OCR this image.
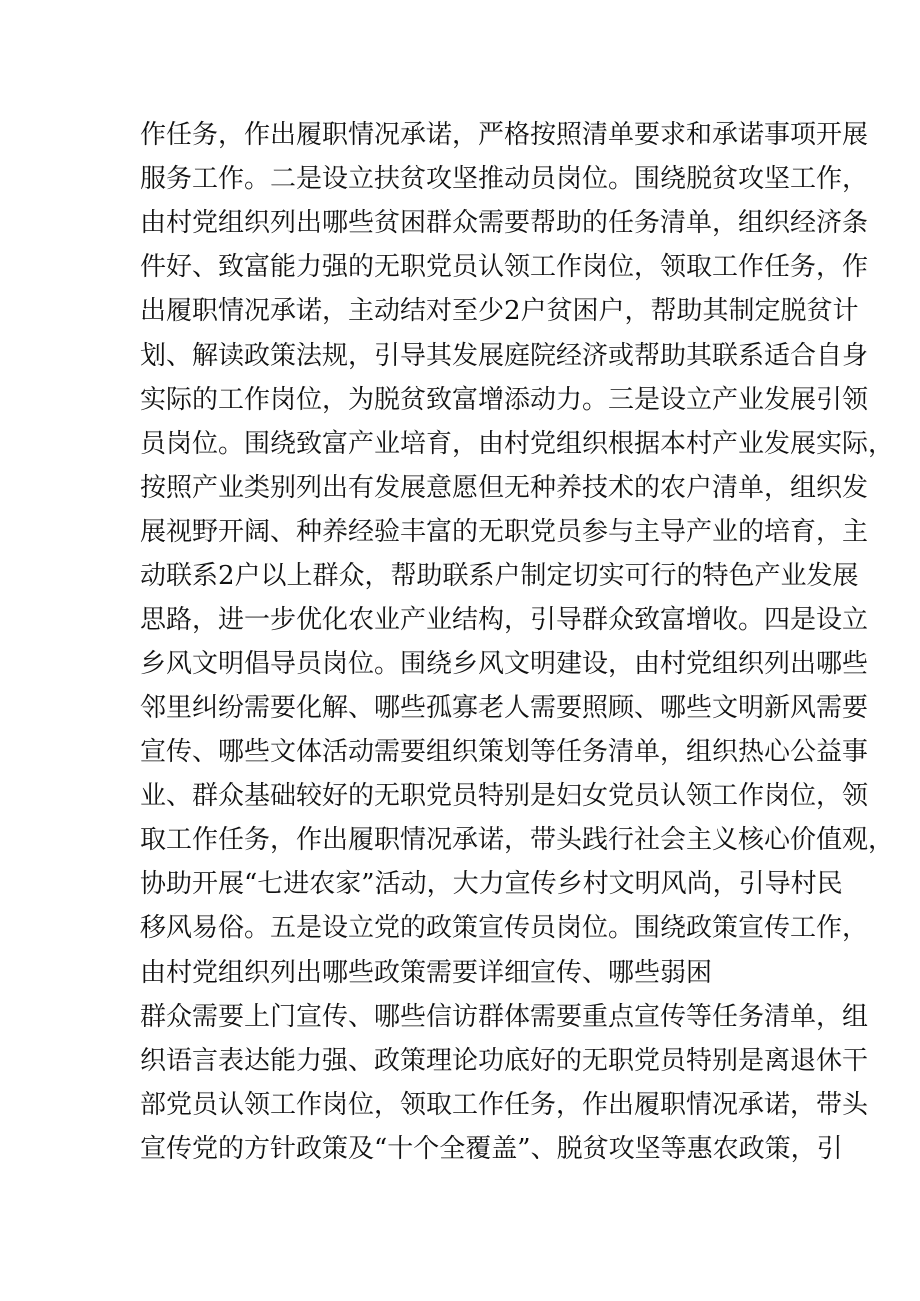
作任务，作出履职情况承诺，严格按照清单要求和承诺事项开展
服务工作。二是设立扶贫攻坚推动员岗位。围绕脱贫攻坚工作，
由村党组织列出哪些贫困群众需要帮助的任务清单，组织经济条
件好、致富能力强的无职党员认领工作岗位，领取工作任务，作
出履职情况承诺，主动结对至少2户贫困户，帮助其制定脱贫计
划、解读政策法规，引导其发展庭院经济或帮助其联系适合自身
实际的工作岗位，为脱贫致富增添动力。三是设立产业发展引领
员岗位。围绕致富产业培育，由村党组织根据本村产业发展实际，
按照产业类别列出有发展意愿但无种养技术的农户清单，组织发
展视野开阔、种养经验丰富的无职党员参与主导产业的培育，主
动联系2户以上群众，帮助联系户制定切实可行的特色产业发展
思路，进一步优化农业产业结构，引导群众致富增收。四是设立
乡风文明倡导员岗位。围绕乡风文明建设，由村党组织列出哪些
邻里纠纷需要化解、哪些孤寡老人需要照顾、哪些文明新风需要
宣传、哪些文体活动需要组织策划等任务清单，组织热心公益事
业、群众基础较好的无职党员特别是妇女党员认领工作岗位，领
取工作任务，作出履职情况承诺，带头践行社会主义核心价值观，
协助开展“七进农家”活动，大力宣传乡村文明风尚，引导村民
移风易俗。五是设立党的政策宣传员岗位。围绕政策宣传工作，
由村党组织列出哪些政策需要详细宣传、哪些弱困
群众需要上门宣传、哪些信访群体需要重点宣传等任务清单，组
织语言表达能力强、政策理论功底好的无职党员特别是离退休干
部党员认领工作岗位，领取工作任务，作出履职情况承诺，带头
宣传党的方针政策及“十个全覆盖”、脱贫攻坚等惠农政策，引
